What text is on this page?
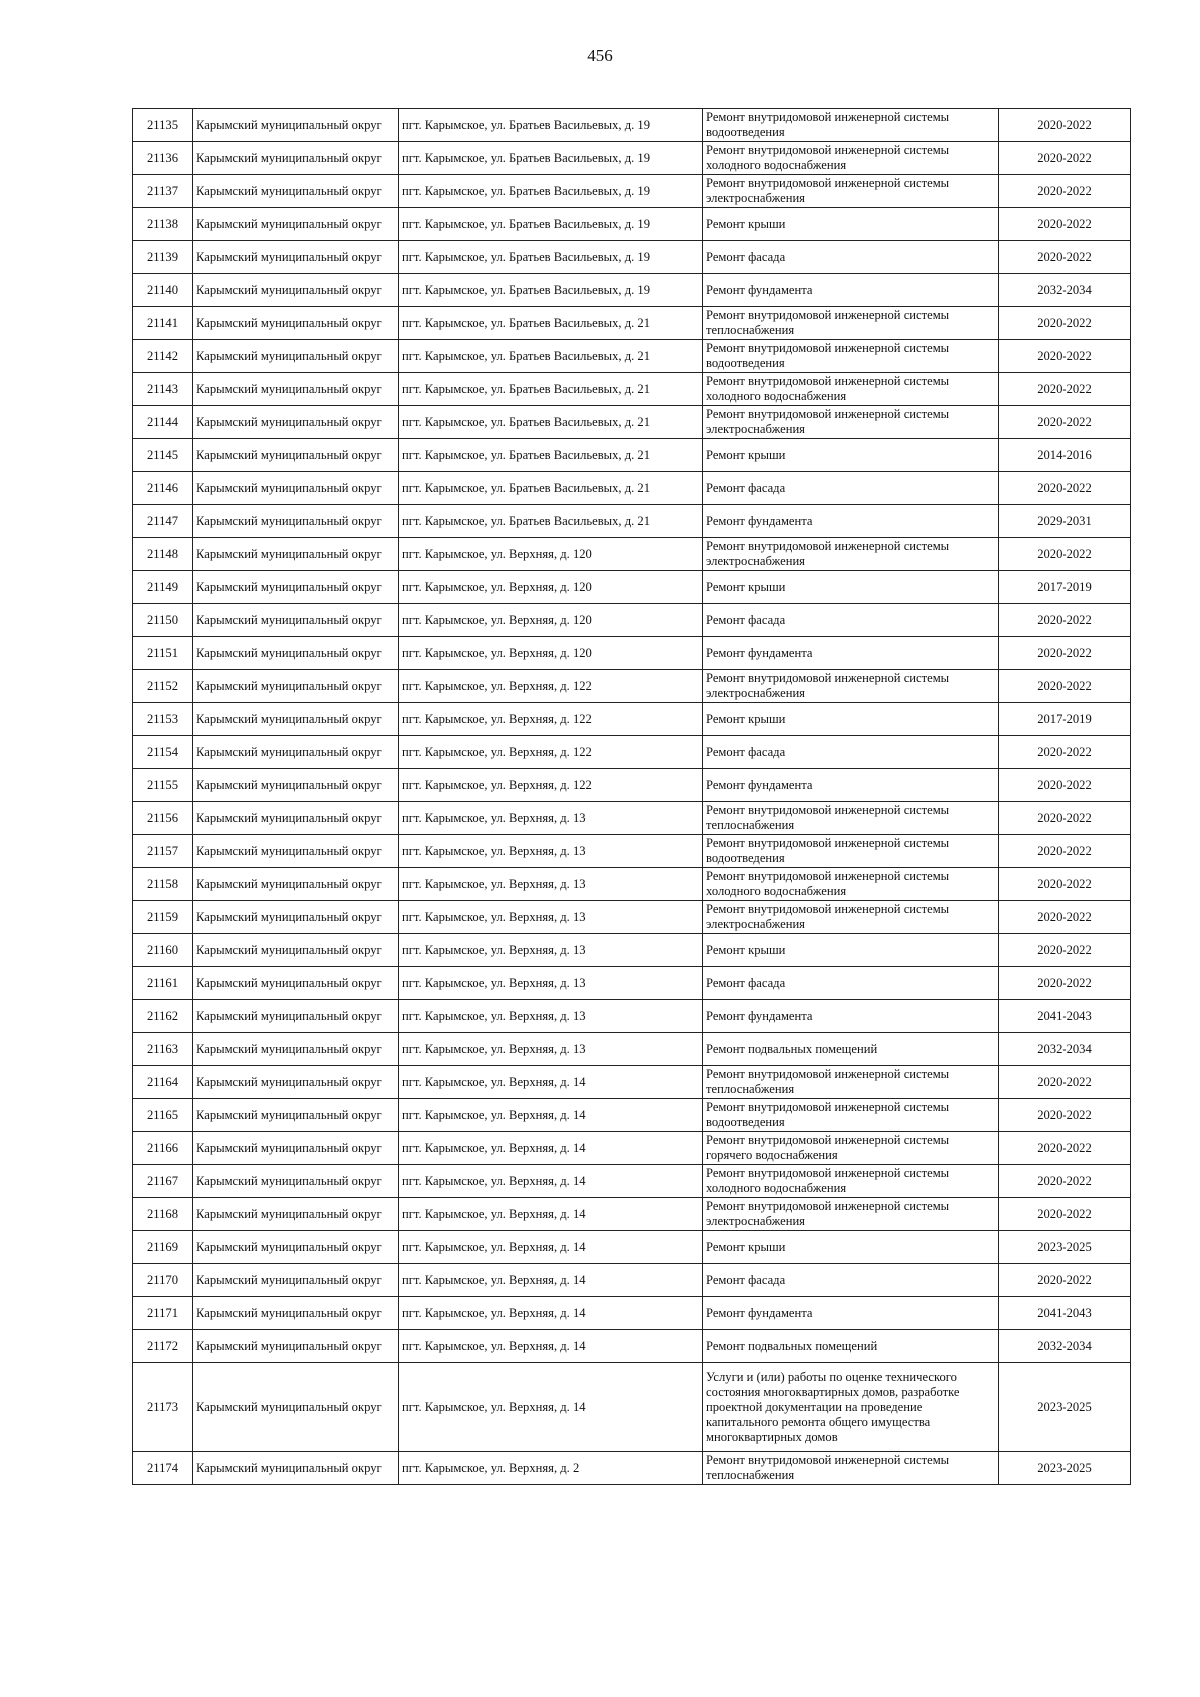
456
21135	Карымский муниципальный округ	пгт. Карымское, ул. Братьев Васильевых, д. 19	Ремонт внутридомовой инженерной системы водоотведения	2020-2022
21136	Карымский муниципальный округ	пгт. Карымское, ул. Братьев Васильевых, д. 19	Ремонт внутридомовой инженерной системы холодного водоснабжения	2020-2022
21137	Карымский муниципальный округ	пгт. Карымское, ул. Братьев Васильевых, д. 19	Ремонт внутридомовой инженерной системы электроснабжения	2020-2022
21138	Карымский муниципальный округ	пгт. Карымское, ул. Братьев Васильевых, д. 19	Ремонт крыши	2020-2022
21139	Карымский муниципальный округ	пгт. Карымское, ул. Братьев Васильевых, д. 19	Ремонт фасада	2020-2022
21140	Карымский муниципальный округ	пгт. Карымское, ул. Братьев Васильевых, д. 19	Ремонт фундамента	2032-2034
21141	Карымский муниципальный округ	пгт. Карымское, ул. Братьев Васильевых, д. 21	Ремонт внутридомовой инженерной системы теплоснабжения	2020-2022
21142	Карымский муниципальный округ	пгт. Карымское, ул. Братьев Васильевых, д. 21	Ремонт внутридомовой инженерной системы водоотведения	2020-2022
21143	Карымский муниципальный округ	пгт. Карымское, ул. Братьев Васильевых, д. 21	Ремонт внутридомовой инженерной системы холодного водоснабжения	2020-2022
21144	Карымский муниципальный округ	пгт. Карымское, ул. Братьев Васильевых, д. 21	Ремонт внутридомовой инженерной системы электроснабжения	2020-2022
21145	Карымский муниципальный округ	пгт. Карымское, ул. Братьев Васильевых, д. 21	Ремонт крыши	2014-2016
21146	Карымский муниципальный округ	пгт. Карымское, ул. Братьев Васильевых, д. 21	Ремонт фасада	2020-2022
21147	Карымский муниципальный округ	пгт. Карымское, ул. Братьев Васильевых, д. 21	Ремонт фундамента	2029-2031
21148	Карымский муниципальный округ	пгт. Карымское, ул. Верхняя, д. 120	Ремонт внутридомовой инженерной системы электроснабжения	2020-2022
21149	Карымский муниципальный округ	пгт. Карымское, ул. Верхняя, д. 120	Ремонт крыши	2017-2019
21150	Карымский муниципальный округ	пгт. Карымское, ул. Верхняя, д. 120	Ремонт фасада	2020-2022
21151	Карымский муниципальный округ	пгт. Карымское, ул. Верхняя, д. 120	Ремонт фундамента	2020-2022
21152	Карымский муниципальный округ	пгт. Карымское, ул. Верхняя, д. 122	Ремонт внутридомовой инженерной системы электроснабжения	2020-2022
21153	Карымский муниципальный округ	пгт. Карымское, ул. Верхняя, д. 122	Ремонт крыши	2017-2019
21154	Карымский муниципальный округ	пгт. Карымское, ул. Верхняя, д. 122	Ремонт фасада	2020-2022
21155	Карымский муниципальный округ	пгт. Карымское, ул. Верхняя, д. 122	Ремонт фундамента	2020-2022
21156	Карымский муниципальный округ	пгт. Карымское, ул. Верхняя, д. 13	Ремонт внутридомовой инженерной системы теплоснабжения	2020-2022
21157	Карымский муниципальный округ	пгт. Карымское, ул. Верхняя, д. 13	Ремонт внутридомовой инженерной системы водоотведения	2020-2022
21158	Карымский муниципальный округ	пгт. Карымское, ул. Верхняя, д. 13	Ремонт внутридомовой инженерной системы холодного водоснабжения	2020-2022
21159	Карымский муниципальный округ	пгт. Карымское, ул. Верхняя, д. 13	Ремонт внутридомовой инженерной системы электроснабжения	2020-2022
21160	Карымский муниципальный округ	пгт. Карымское, ул. Верхняя, д. 13	Ремонт крыши	2020-2022
21161	Карымский муниципальный округ	пгт. Карымское, ул. Верхняя, д. 13	Ремонт фасада	2020-2022
21162	Карымский муниципальный округ	пгт. Карымское, ул. Верхняя, д. 13	Ремонт фундамента	2041-2043
21163	Карымский муниципальный округ	пгт. Карымское, ул. Верхняя, д. 13	Ремонт подвальных помещений	2032-2034
21164	Карымский муниципальный округ	пгт. Карымское, ул. Верхняя, д. 14	Ремонт внутридомовой инженерной системы теплоснабжения	2020-2022
21165	Карымский муниципальный округ	пгт. Карымское, ул. Верхняя, д. 14	Ремонт внутридомовой инженерной системы водоотведения	2020-2022
21166	Карымский муниципальный округ	пгт. Карымское, ул. Верхняя, д. 14	Ремонт внутридомовой инженерной системы горячего водоснабжения	2020-2022
21167	Карымский муниципальный округ	пгт. Карымское, ул. Верхняя, д. 14	Ремонт внутридомовой инженерной системы холодного водоснабжения	2020-2022
21168	Карымский муниципальный округ	пгт. Карымское, ул. Верхняя, д. 14	Ремонт внутридомовой инженерной системы электроснабжения	2020-2022
21169	Карымский муниципальный округ	пгт. Карымское, ул. Верхняя, д. 14	Ремонт крыши	2023-2025
21170	Карымский муниципальный округ	пгт. Карымское, ул. Верхняя, д. 14	Ремонт фасада	2020-2022
21171	Карымский муниципальный округ	пгт. Карымское, ул. Верхняя, д. 14	Ремонт фундамента	2041-2043
21172	Карымский муниципальный округ	пгт. Карымское, ул. Верхняя, д. 14	Ремонт подвальных помещений	2032-2034
21173	Карымский муниципальный округ	пгт. Карымское, ул. Верхняя, д. 14	Услуги и (или) работы по оценке технического состояния многоквартирных домов, разработке проектной документации на проведение капитального ремонта общего имущества многоквартирных домов	2023-2025
21174	Карымский муниципальный округ	пгт. Карымское, ул. Верхняя, д. 2	Ремонт внутридомовой инженерной системы теплоснабжения	2023-2025
